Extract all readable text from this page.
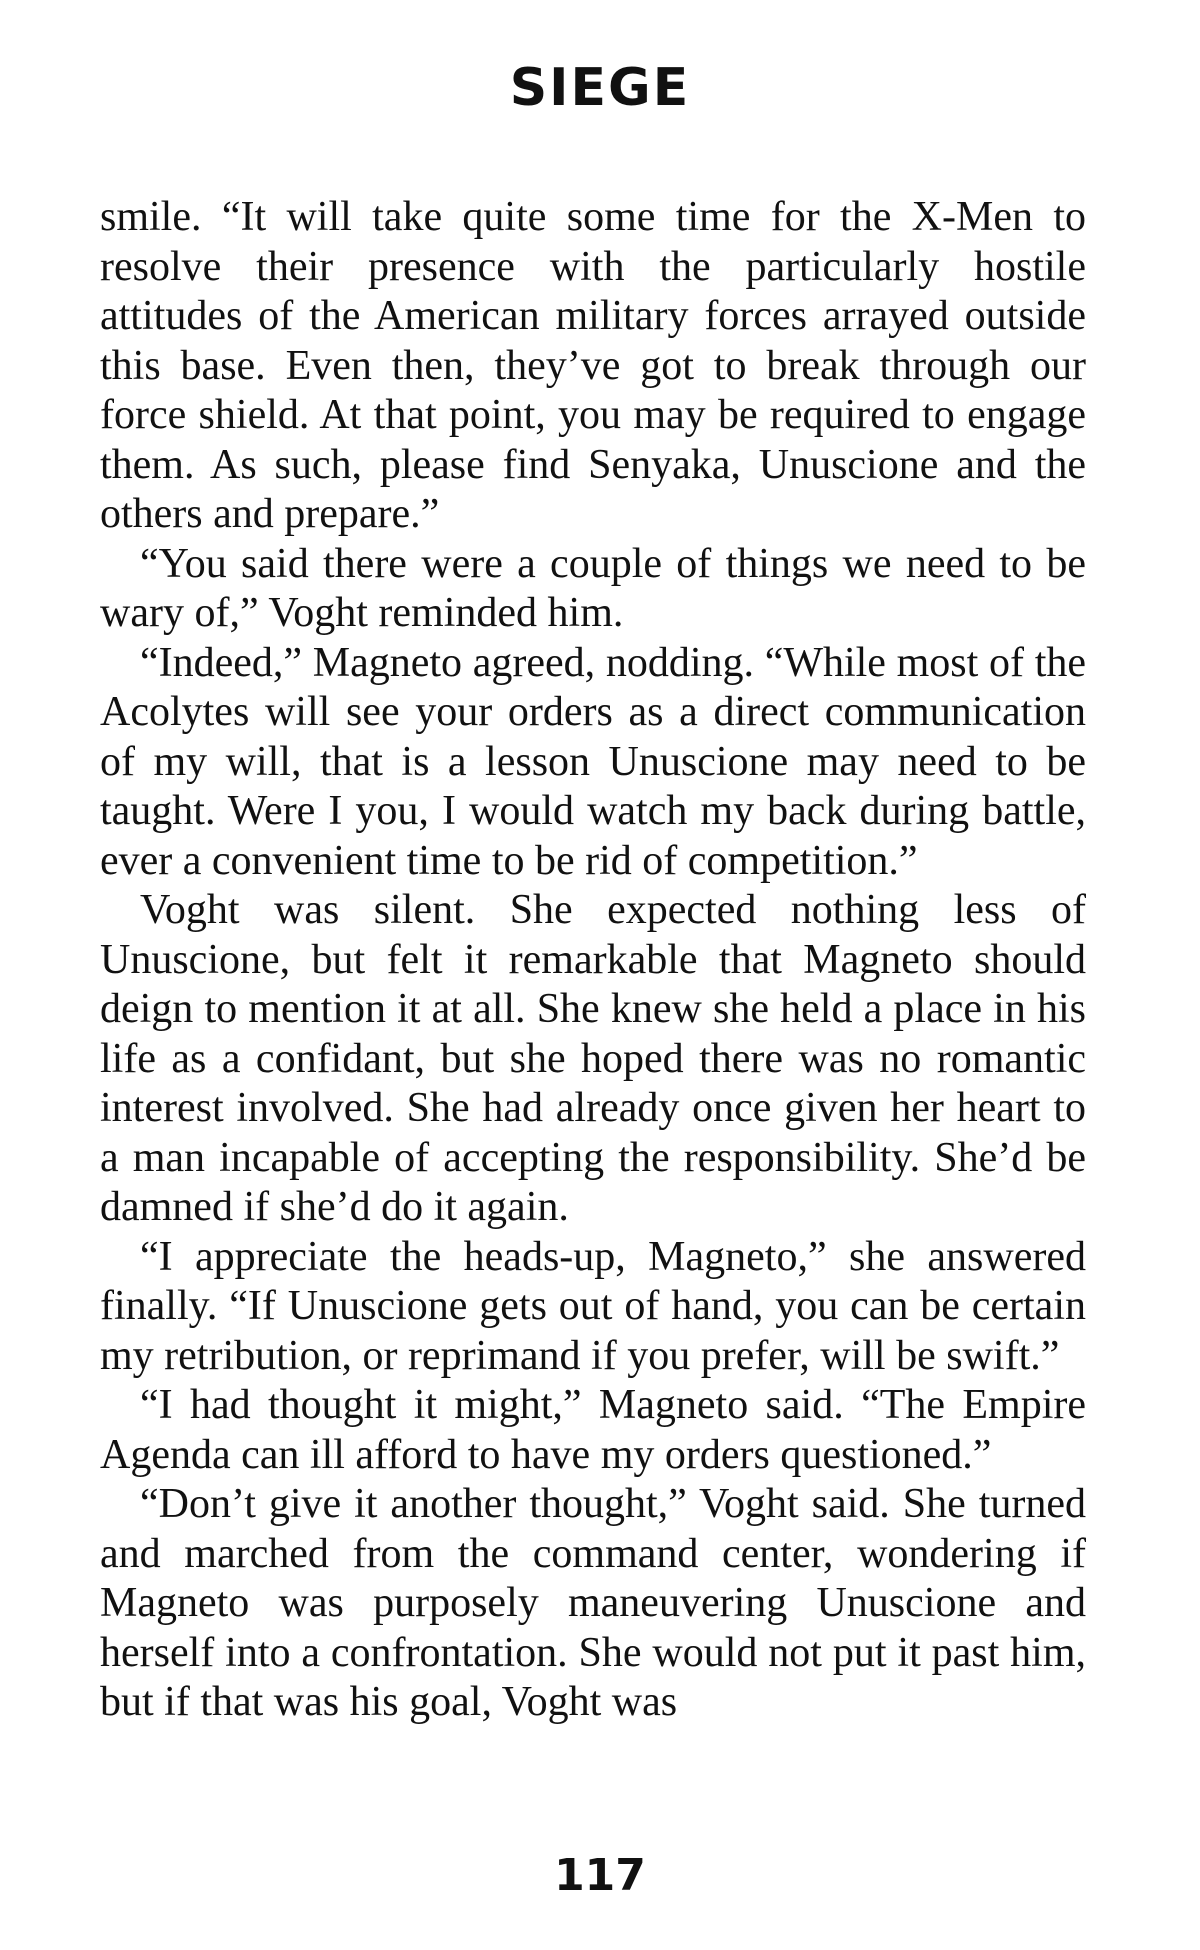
SIEGE

smile. “It will take quite some time for the X-Men to resolve their presence with the particularly hostile attitudes of the American military forces arrayed outside this base. Even then, they’ve got to break through our force shield. At that point, you may be required to engage them. As such, please find Senyaka, Unuscione and the others and prepare.”

“You said there were a couple of things we need to be wary of,” Voght reminded him.

“Indeed,” Magneto agreed, nodding. “While most of the Acolytes will see your orders as a direct communication of my will, that is a lesson Unuscione may need to be taught. Were I you, I would watch my back during battle, ever a convenient time to be rid of competition.”

Voght was silent. She expected nothing less of Unuscione, but felt it remarkable that Magneto should deign to mention it at all. She knew she held a place in his life as a confidant, but she hoped there was no romantic interest involved. She had already once given her heart to a man incapable of accepting the responsibility. She’d be damned if she’d do it again.

“I appreciate the heads-up, Magneto,” she answered finally. “If Unuscione gets out of hand, you can be certain my retribution, or reprimand if you prefer, will be swift.”

“I had thought it might,” Magneto said. “The Empire Agenda can ill afford to have my orders questioned.”

“Don’t give it another thought,” Voght said. She turned and marched from the command center, wondering if Magneto was purposely maneuvering Unuscione and herself into a confrontation. She would not put it past him, but if that was his goal, Voght was

117
